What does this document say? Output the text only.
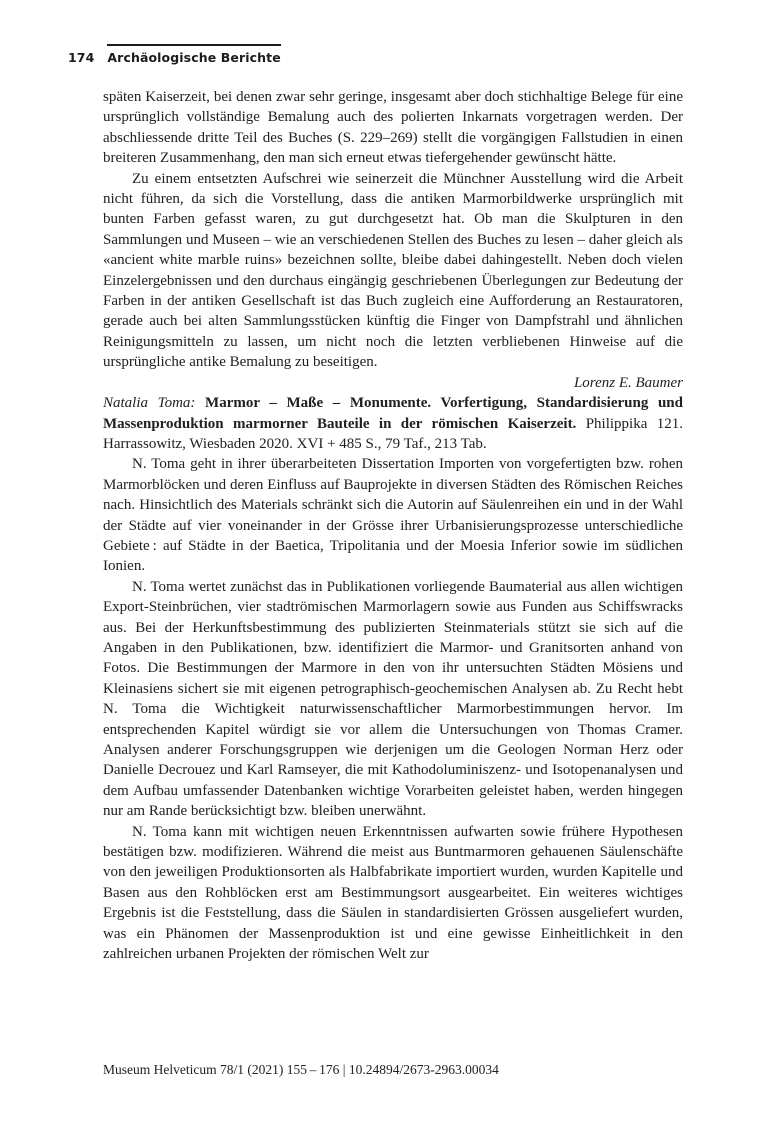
174 Archäologische Berichte

späten Kaiserzeit, bei denen zwar sehr geringe, insgesamt aber doch stichhaltige Belege für eine ursprünglich vollständige Bemalung auch des polierten Inkarnats vorgetragen werden. Der abschliessende dritte Teil des Buches (S. 229–269) stellt die vorgängigen Fallstudien in einen breiteren Zusammenhang, den man sich erneut etwas tiefergehender gewünscht hätte.

Zu einem entsetzten Aufschrei wie seinerzeit die Münchner Ausstellung wird die Arbeit nicht führen, da sich die Vorstellung, dass die antiken Marmorbildwerke ursprünglich mit bunten Farben gefasst waren, zu gut durchgesetzt hat. Ob man die Skulpturen in den Sammlungen und Museen – wie an verschiedenen Stellen des Buches zu lesen – daher gleich als «ancient white marble ruins» bezeichnen sollte, bleibe dabei dahingestellt. Neben doch vielen Einzelergebnissen und den durchaus eingängig geschriebenen Überlegungen zur Bedeutung der Farben in der antiken Gesellschaft ist das Buch zugleich eine Aufforderung an Restauratoren, gerade auch bei alten Sammlungsstücken künftig die Finger von Dampfstrahl und ähnlichen Reinigungsmitteln zu lassen, um nicht noch die letzten verbliebenen Hinweise auf die ursprüngliche antike Bemalung zu beseitigen.

Lorenz E. Baumer

Natalia Toma: Marmor – Maße – Monumente. Vorfertigung, Standardisierung und Massenproduktion marmorner Bauteile in der römischen Kaiserzeit. Philippika 121. Harrassowitz, Wiesbaden 2020. XVI + 485 S., 79 Taf., 213 Tab.

N. Toma geht in ihrer überarbeiteten Dissertation Importen von vorgefertigten bzw. rohen Marmorblöcken und deren Einfluss auf Bauprojekte in diversen Städten des Römischen Reiches nach. Hinsichtlich des Materials schränkt sich die Autorin auf Säulenreihen ein und in der Wahl der Städte auf vier voneinander in der Grösse ihrer Urbanisierungsprozesse unterschiedliche Gebiete : auf Städte in der Baetica, Tripolitania und der Moesia Inferior sowie im südlichen Ionien.

N. Toma wertet zunächst das in Publikationen vorliegende Baumaterial aus allen wichtigen Export-Steinbrüchen, vier stadtrömischen Marmorlagern sowie aus Funden aus Schiffswracks aus. Bei der Herkunftsbestimmung des publizierten Steinmaterials stützt sie sich auf die Angaben in den Publikationen, bzw. identifiziert die Marmor- und Granitsorten anhand von Fotos. Die Bestimmungen der Marmore in den von ihr untersuchten Städten Mösiens und Kleinasiens sichert sie mit eigenen petrographisch-geochemischen Analysen ab. Zu Recht hebt N. Toma die Wichtigkeit naturwissenschaftlicher Marmorbestimmungen hervor. Im entsprechenden Kapitel würdigt sie vor allem die Untersuchungen von Thomas Cramer. Analysen anderer Forschungsgruppen wie derjenigen um die Geologen Norman Herz oder Danielle Decrouez und Karl Ramseyer, die mit Kathodoluminiszenz- und Isotopenanalysen und dem Aufbau umfassender Datenbanken wichtige Vorarbeiten geleistet haben, werden hingegen nur am Rande berücksichtigt bzw. bleiben unerwähnt.

N. Toma kann mit wichtigen neuen Erkenntnissen aufwarten sowie frühere Hypothesen bestätigen bzw. modifizieren. Während die meist aus Buntmarmoren gehauenen Säulenschäfte von den jeweiligen Produktionsorten als Halbfabrikate importiert wurden, wurden Kapitelle und Basen aus den Rohblöcken erst am Bestimmungsort ausgearbeitet. Ein weiteres wichtiges Ergebnis ist die Feststellung, dass die Säulen in standardisierten Grössen ausgeliefert wurden, was ein Phänomen der Massenproduktion ist und eine gewisse Einheitlichkeit in den zahlreichen urbanen Projekten der römischen Welt zur

Museum Helveticum 78/1 (2021) 155 – 176 | 10.24894/2673-2963.00034
